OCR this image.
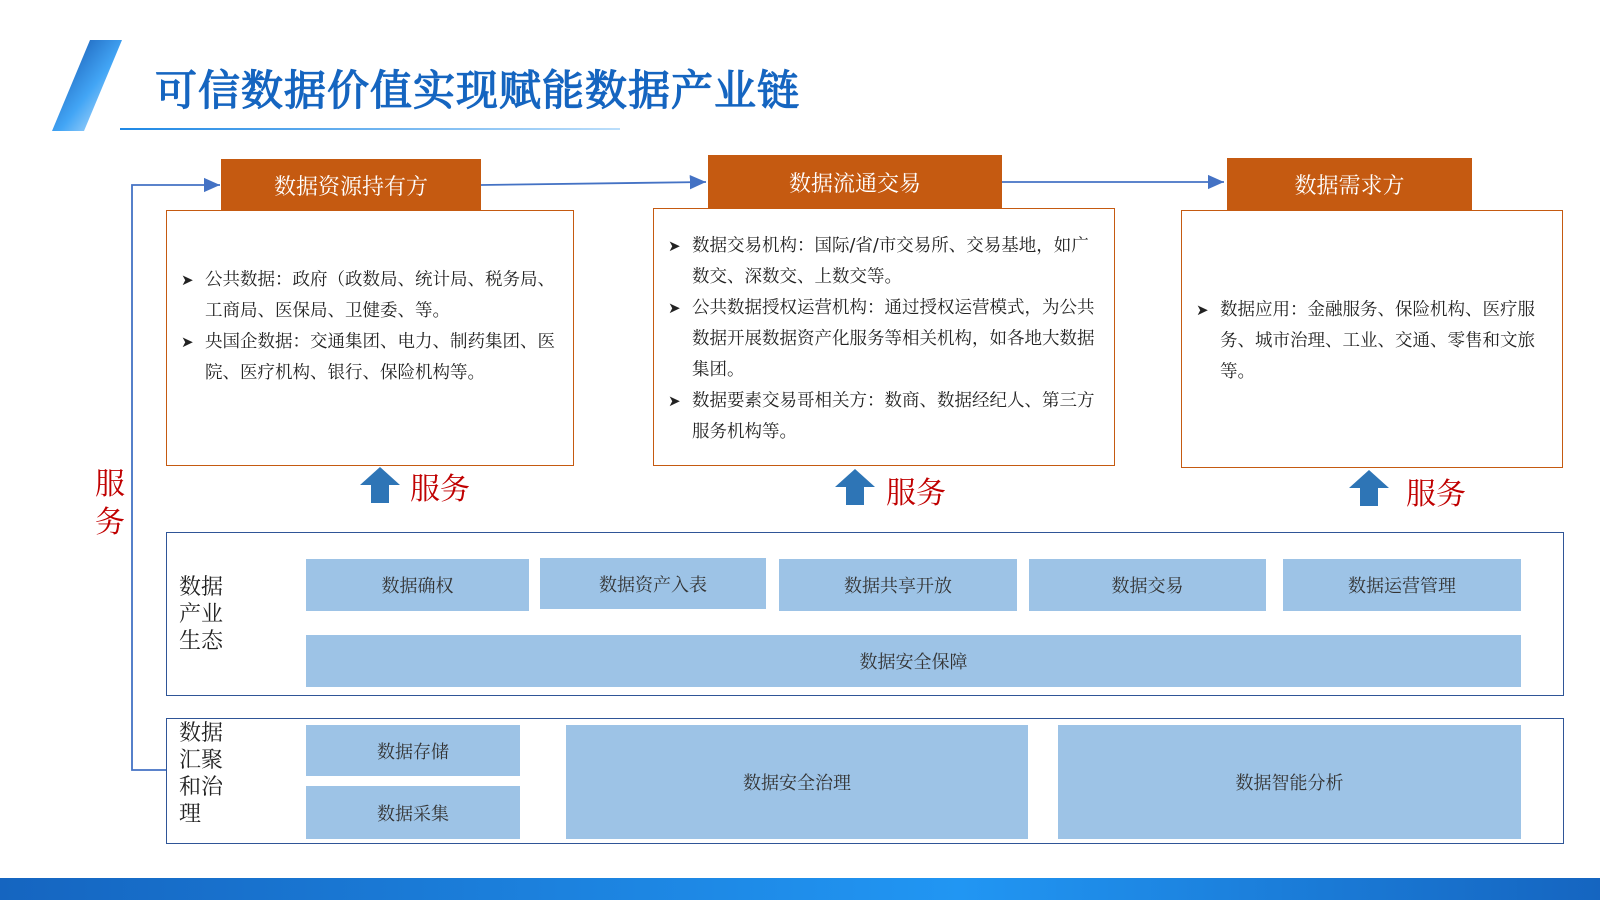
可信数据价值实现赋能数据产业链
数据资源持有方
➤ 公共数据：政府（政数局、统计局、税务局、工商局、医保局、卫健委、等。
➤ 央国企数据：交通集团、电力、制药集团、医院、医疗机构、银行、保险机构等。
数据流通交易
➤ 数据交易机构：国际/省/市交易所、交易基地，如广数交、深数交、上数交等。
➤ 公共数据授权运营机构：通过授权运营模式，为公共数据开展数据资产化服务等相关机构，如各地大数据集团。
➤ 数据要素交易哥相关方：数商、数据经纪人、第三方服务机构等。
数据需求方
➤ 数据应用：金融服务、保险机构、医疗服务、城市治理、工业、交通、零售和文旅等。
服务	服务	服务
服
务
数据
产业
生态
数据确权	数据资产入表	数据共享开放	数据交易	数据运营管理
数据安全保障
数据
汇聚
和治
理
数据存储
数据采集
数据安全治理	数据智能分析
